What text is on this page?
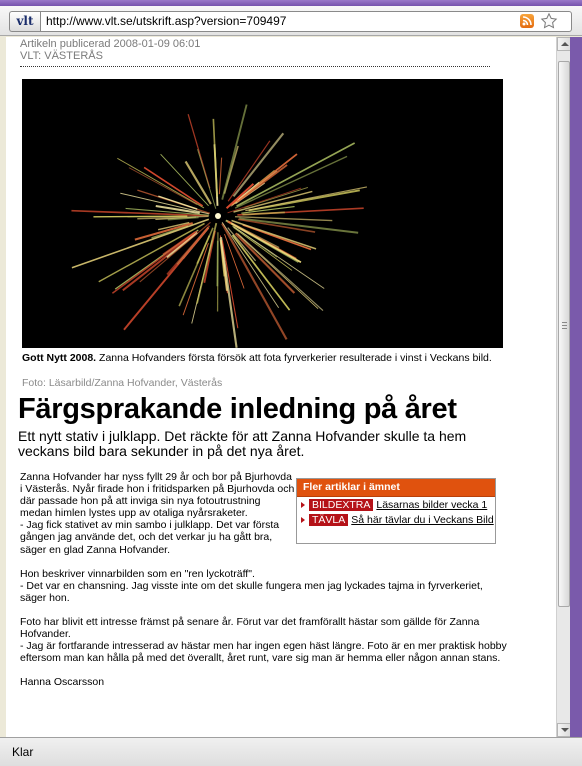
vlt	http://www.vlt.se/utskrift.asp?version=709497
Artikeln publicerad 2008-01-09 06:01
VLT: VÄSTERÅS
Gott Nytt 2008. Zanna Hofvanders första försök att fota fyrverkerier resulterade i vinst i Veckans bild.
Foto: Läsarbild/Zanna Hofvander, Västerås
Färgsprakande inledning på året
Ett nytt stativ i julklapp. Det räckte för att Zanna Hofvander skulle ta hem veckans bild bara sekunder in på det nya året.

Zanna Hofvander har nyss fyllt 29 år och bor på Bjurhovda i Västerås. Nyår firade hon i fritidsparken på Bjurhovda och där passade hon på att inviga sin nya fotoutrustning medan himlen lystes upp av otaliga nyårsraketer.

- Jag fick stativet av min sambo i julklapp. Det var första gången jag använde det, och det verkar ju ha gått bra, säger en glad Zanna Hofvander.

Hon beskriver vinnarbilden som en "ren lyckoträff".

- Det var en chansning. Jag visste inte om det skulle fungera men jag lyckades tajma in fyrverkeriet, säger hon.

Foto har blivit ett intresse främst på senare år. Förut var det framförallt hästar som gällde för Zanna Hofvander.

- Jag är fortfarande intresserad av hästar men har ingen egen häst längre. Foto är en mer praktisk hobby eftersom man kan hålla på med det överallt, året runt, vare sig man är hemma eller någon annan stans.

Hanna Oscarsson

Fler artiklar i ämnet
BILDEXTRA Läsarnas bilder vecka 1
TÄVLA Så här tävlar du i Veckans Bild
Klar
